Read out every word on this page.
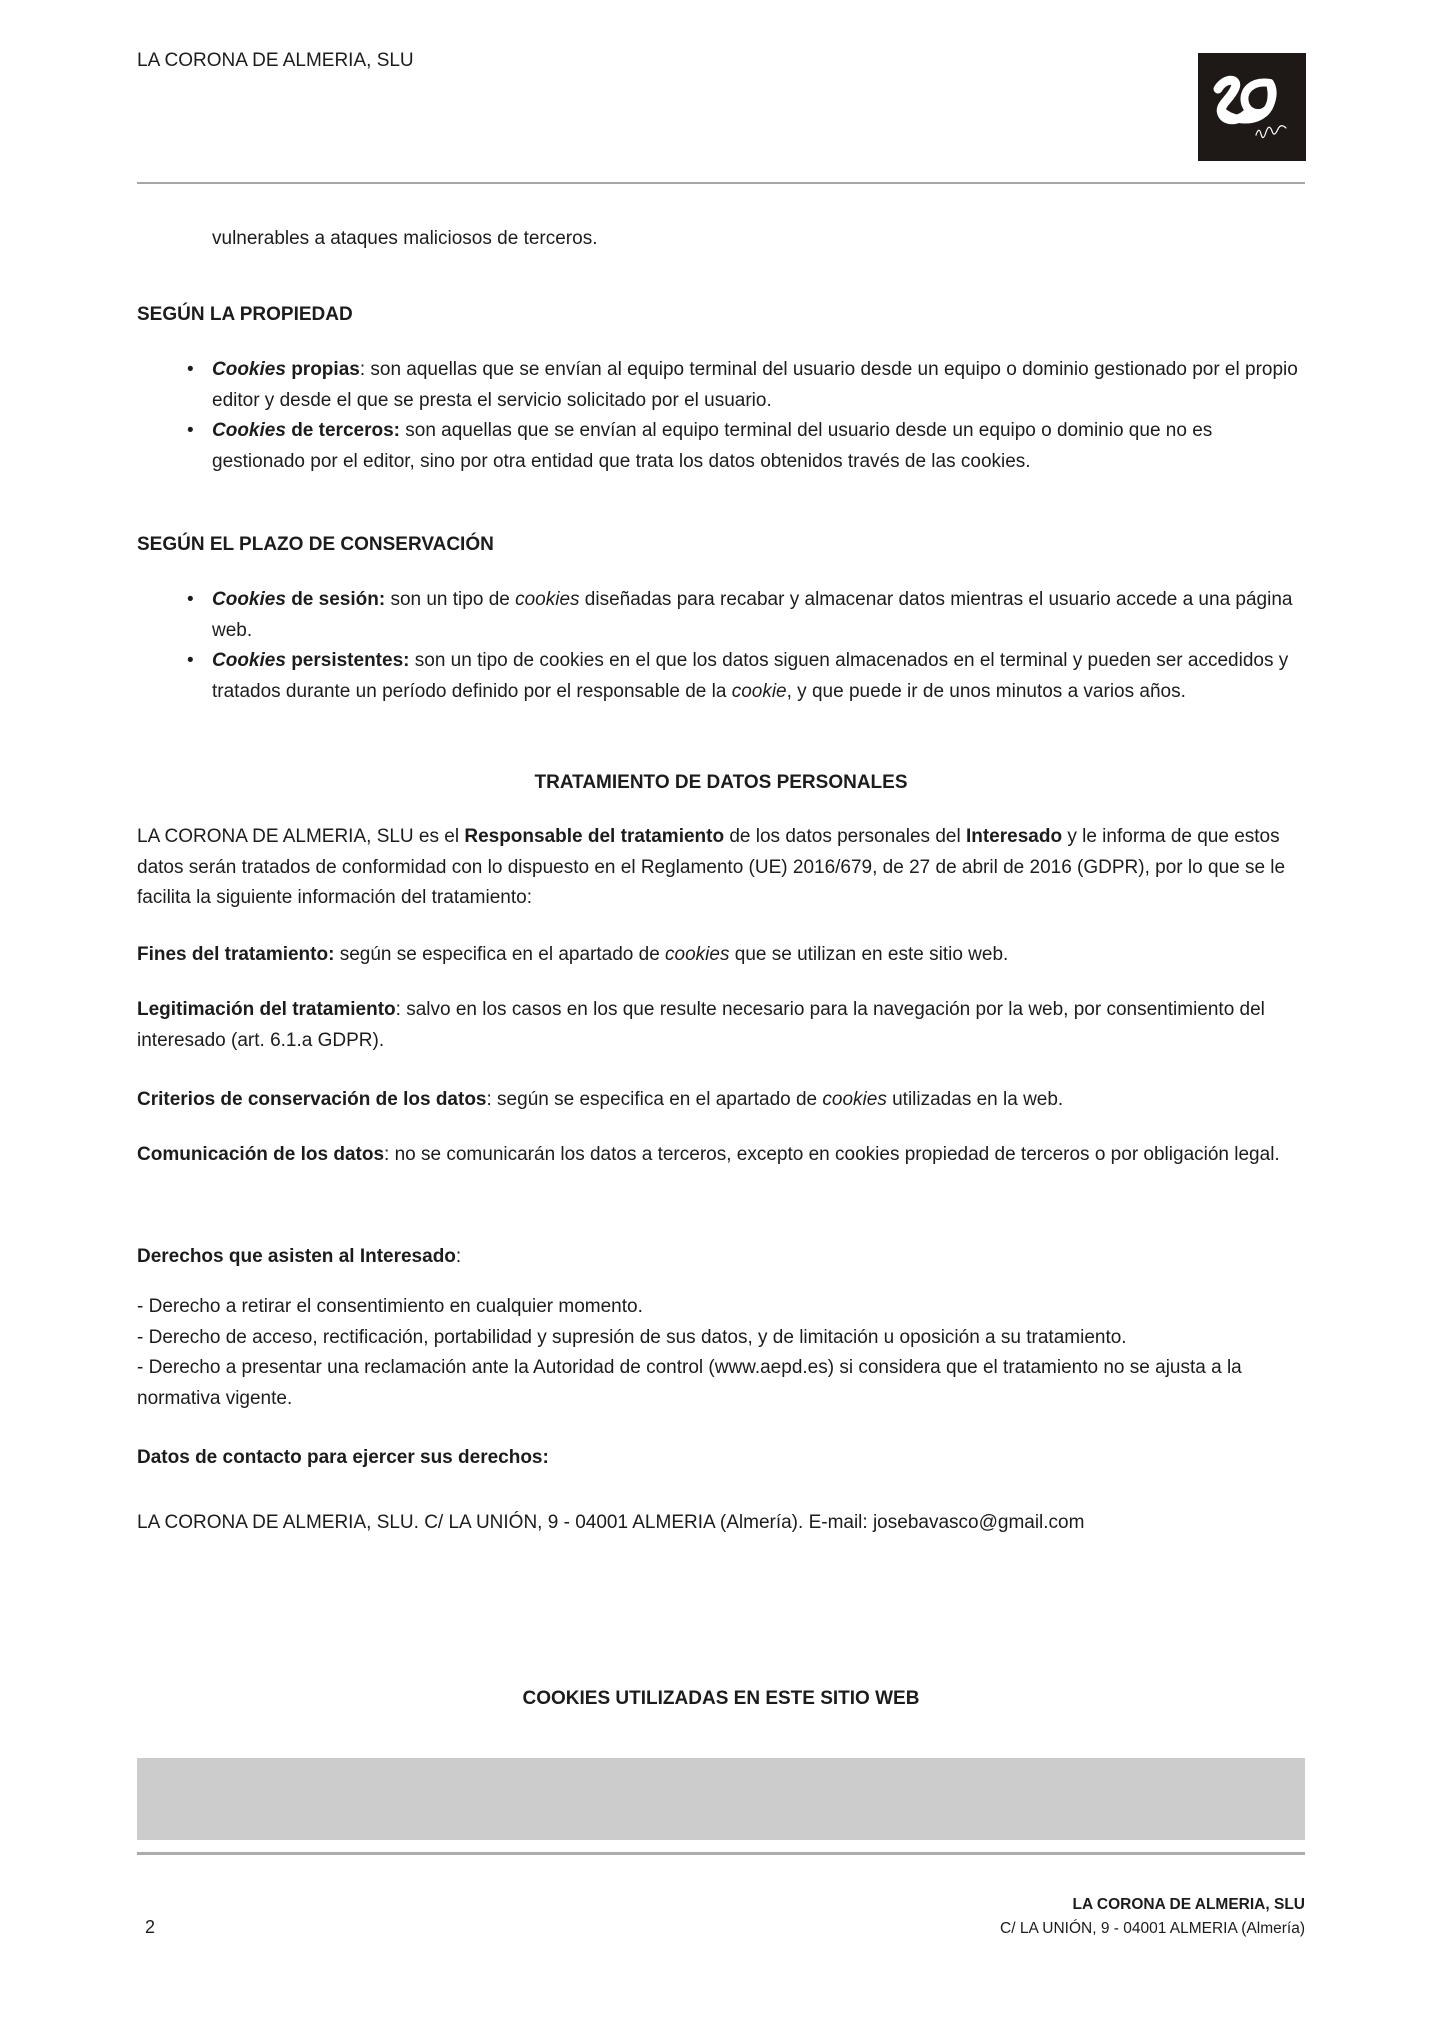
LA CORONA DE ALMERIA, SLU
vulnerables a ataques maliciosos de terceros.
SEGÚN LA PROPIEDAD
• Cookies propias: son aquellas que se envían al equipo terminal del usuario desde un equipo o dominio gestionado por el propio editor y desde el que se presta el servicio solicitado por el usuario.
• Cookies de terceros: son aquellas que se envían al equipo terminal del usuario desde un equipo o dominio que no es gestionado por el editor, sino por otra entidad que trata los datos obtenidos través de las cookies.
SEGÚN EL PLAZO DE CONSERVACIÓN
• Cookies de sesión: son un tipo de cookies diseñadas para recabar y almacenar datos mientras el usuario accede a una página web.
• Cookies persistentes: son un tipo de cookies en el que los datos siguen almacenados en el terminal y pueden ser accedidos y tratados durante un período definido por el responsable de la cookie, y que puede ir de unos minutos a varios años.
TRATAMIENTO DE DATOS PERSONALES
LA CORONA DE ALMERIA, SLU es el Responsable del tratamiento de los datos personales del Interesado y le informa de que estos datos serán tratados de conformidad con lo dispuesto en el Reglamento (UE) 2016/679, de 27 de abril de 2016 (GDPR), por lo que se le facilita la siguiente información del tratamiento:
Fines del tratamiento: según se especifica en el apartado de cookies que se utilizan en este sitio web.
Legitimación del tratamiento: salvo en los casos en los que resulte necesario para la navegación por la web, por consentimiento del interesado (art. 6.1.a GDPR).
Criterios de conservación de los datos: según se especifica en el apartado de cookies utilizadas en la web.
Comunicación de los datos: no se comunicarán los datos a terceros, excepto en cookies propiedad de terceros o por obligación legal.
Derechos que asisten al Interesado:
- Derecho a retirar el consentimiento en cualquier momento.
- Derecho de acceso, rectificación, portabilidad y supresión de sus datos, y de limitación u oposición a su tratamiento.
- Derecho a presentar una reclamación ante la Autoridad de control (www.aepd.es) si considera que el tratamiento no se ajusta a la normativa vigente.
Datos de contacto para ejercer sus derechos:
LA CORONA DE ALMERIA, SLU. C/ LA UNIÓN, 9 - 04001 ALMERIA (Almería). E-mail: josebavasco@gmail.com
COOKIES UTILIZADAS EN ESTE SITIO WEB
LA CORONA DE ALMERIA, SLU
C/ LA UNIÓN, 9 - 04001 ALMERIA (Almería)
2
